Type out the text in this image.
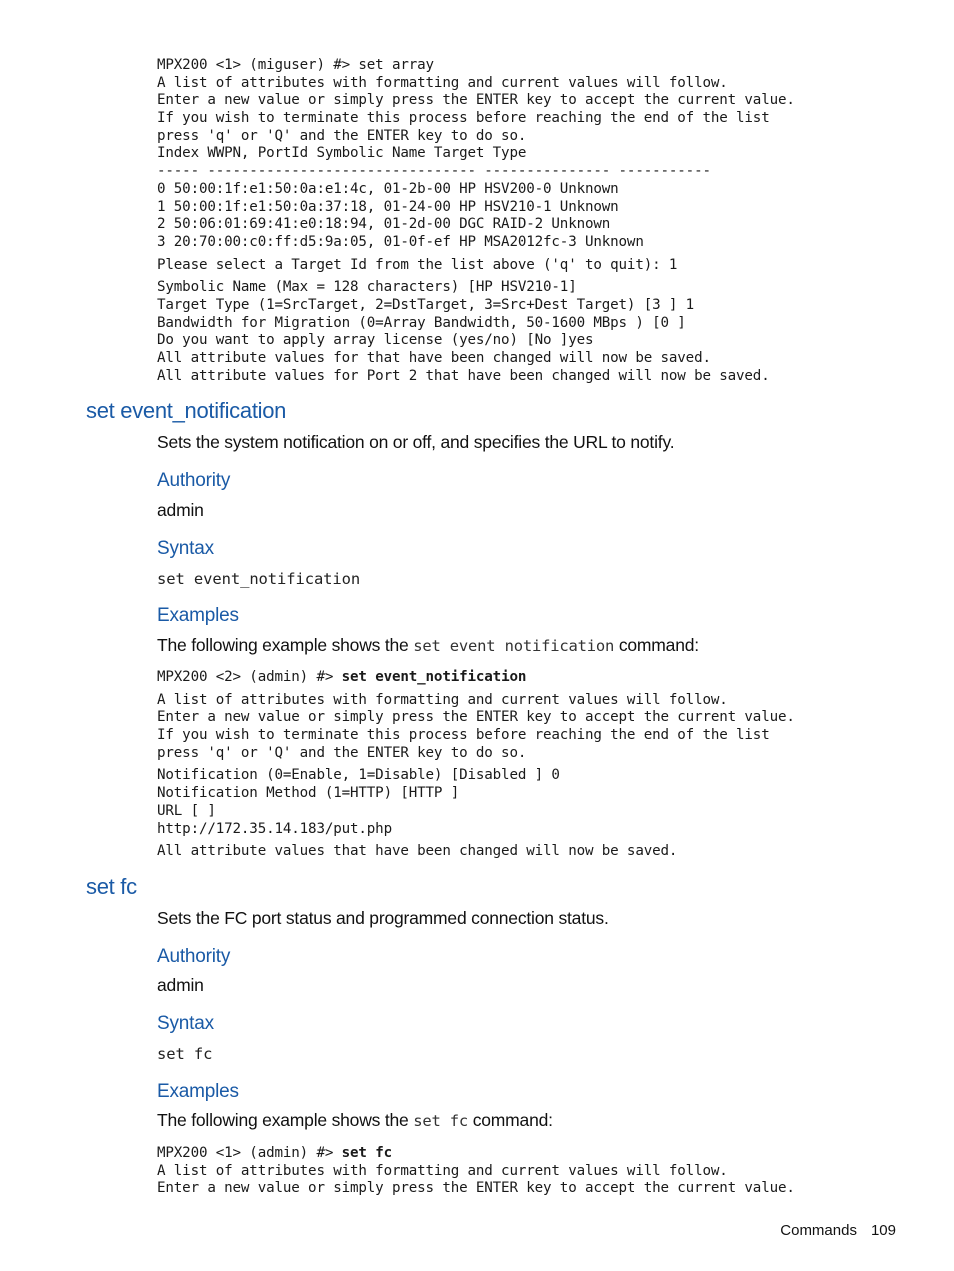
MPX200 <1> (miguser) #> set array
A list of attributes with formatting and current values will follow.
Enter a new value or simply press the ENTER key to accept the current value.
If you wish to terminate this process before reaching the end of the list
press 'q' or 'Q' and the ENTER key to do so.
Index WWPN, PortId Symbolic Name Target Type
----- -------------------------------- --------------- -----------
0 50:00:1f:e1:50:0a:e1:4c, 01-2b-00 HP HSV200-0 Unknown
1 50:00:1f:e1:50:0a:37:18, 01-24-00 HP HSV210-1 Unknown
2 50:06:01:69:41:e0:18:94, 01-2d-00 DGC RAID-2 Unknown
3 20:70:00:c0:ff:d5:9a:05, 01-0f-ef HP MSA2012fc-3 Unknown
Please select a Target Id from the list above ('q' to quit): 1
Symbolic Name (Max = 128 characters) [HP HSV210-1]
Target Type (1=SrcTarget, 2=DstTarget, 3=Src+Dest Target) [3 ] 1
Bandwidth for Migration (0=Array Bandwidth, 50-1600 MBps ) [0 ]
Do you want to apply array license (yes/no) [No ]yes
All attribute values for that have been changed will now be saved.
All attribute values for Port 2 that have been changed will now be saved.
set event_notification
Sets the system notification on or off, and specifies the URL to notify.
Authority
admin
Syntax
set event_notification
Examples
The following example shows the set event notification command:
MPX200 <2> (admin) #> set event_notification
A list of attributes with formatting and current values will follow.
Enter a new value or simply press the ENTER key to accept the current value.
If you wish to terminate this process before reaching the end of the list
press 'q' or 'Q' and the ENTER key to do so.
Notification (0=Enable, 1=Disable) [Disabled ] 0
Notification Method (1=HTTP) [HTTP ]
URL [ ]
http://172.35.14.183/put.php
All attribute values that have been changed will now be saved.
set fc
Sets the FC port status and programmed connection status.
Authority
admin
Syntax
set fc
Examples
The following example shows the set fc command:
MPX200 <1> (admin) #> set fc
A list of attributes with formatting and current values will follow.
Enter a new value or simply press the ENTER key to accept the current value.
Commands 109
